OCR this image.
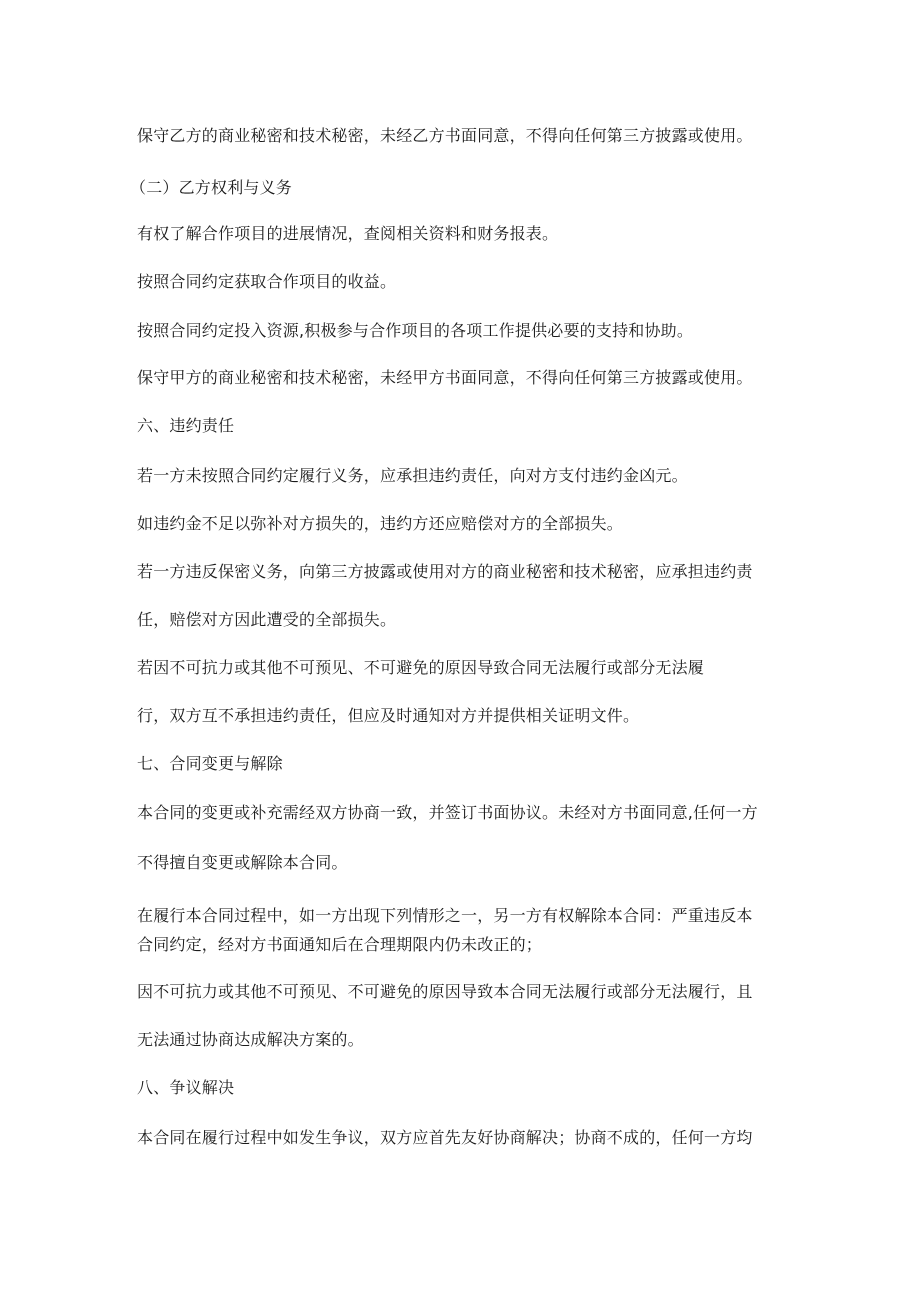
保守乙方的商业秘密和技术秘密，未经乙方书面同意，不得向任何第三方披露或使用。
（二）乙方权利与义务
有权了解合作项目的进展情况，查阅相关资料和财务报表。
按照合同约定获取合作项目的收益。
按照合同约定投入资源,积极参与合作项目的各项工作提供必要的支持和协助。
保守甲方的商业秘密和技术秘密，未经甲方书面同意，不得向任何第三方披露或使用。
六、违约责任
若一方未按照合同约定履行义务，应承担违约责任，向对方支付违约金凶元。
如违约金不足以弥补对方损失的，违约方还应赔偿对方的全部损失。
若一方违反保密义务，向第三方披露或使用对方的商业秘密和技术秘密，应承担违约责
任，赔偿对方因此遭受的全部损失。
若因不可抗力或其他不可预见、不可避免的原因导致合同无法履行或部分无法履
行，双方互不承担违约责任，但应及时通知对方并提供相关证明文件。
七、合同变更与解除
本合同的变更或补充需经双方协商一致，并签订书面协议。未经对方书面同意,任何一方
不得擅自变更或解除本合同。
在履行本合同过程中，如一方出现下列情形之一，另一方有权解除本合同：严重违反本
合同约定，经对方书面通知后在合理期限内仍未改正的；
因不可抗力或其他不可预见、不可避免的原因导致本合同无法履行或部分无法履行，且
无法通过协商达成解决方案的。
八、争议解决
本合同在履行过程中如发生争议，双方应首先友好协商解决；协商不成的，任何一方均
